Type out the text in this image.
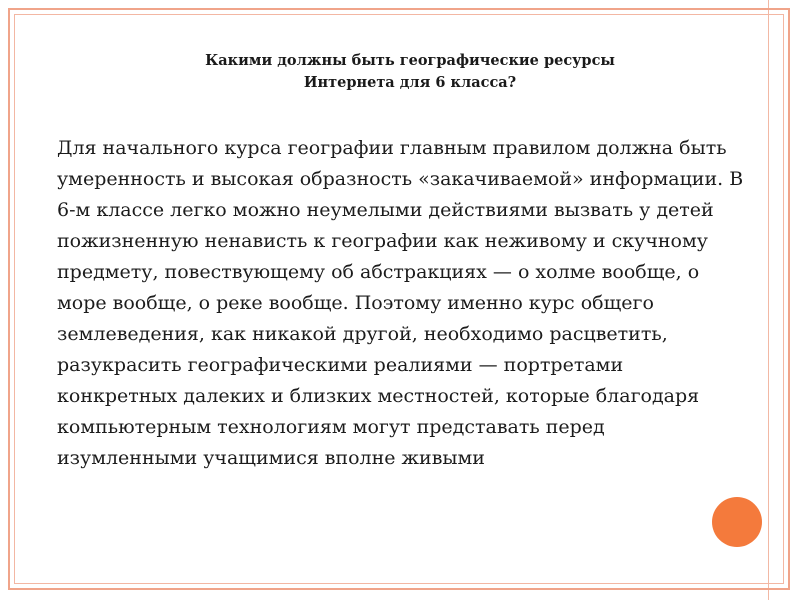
Какими должны быть географические ресурсы
Интернета для 6 класса?
Для начального курса географии главным правилом должна быть умеренность и высокая образность «закачиваемой» информации. В 6-м классе легко можно неумелыми действиями вызвать у детей пожизненную ненависть к географии как неживому и скучному предмету, повествующему об абстракциях — о холме вообще, о море вообще, о реке вообще. Поэтому именно курс общего землеведения, как никакой другой, необходимо расцветить, разукрасить географическими реалиями — портретами конкретных далеких и близких местностей, которые благодаря компьютерным технологиям могут представать перед изумленными учащимися вполне живыми
